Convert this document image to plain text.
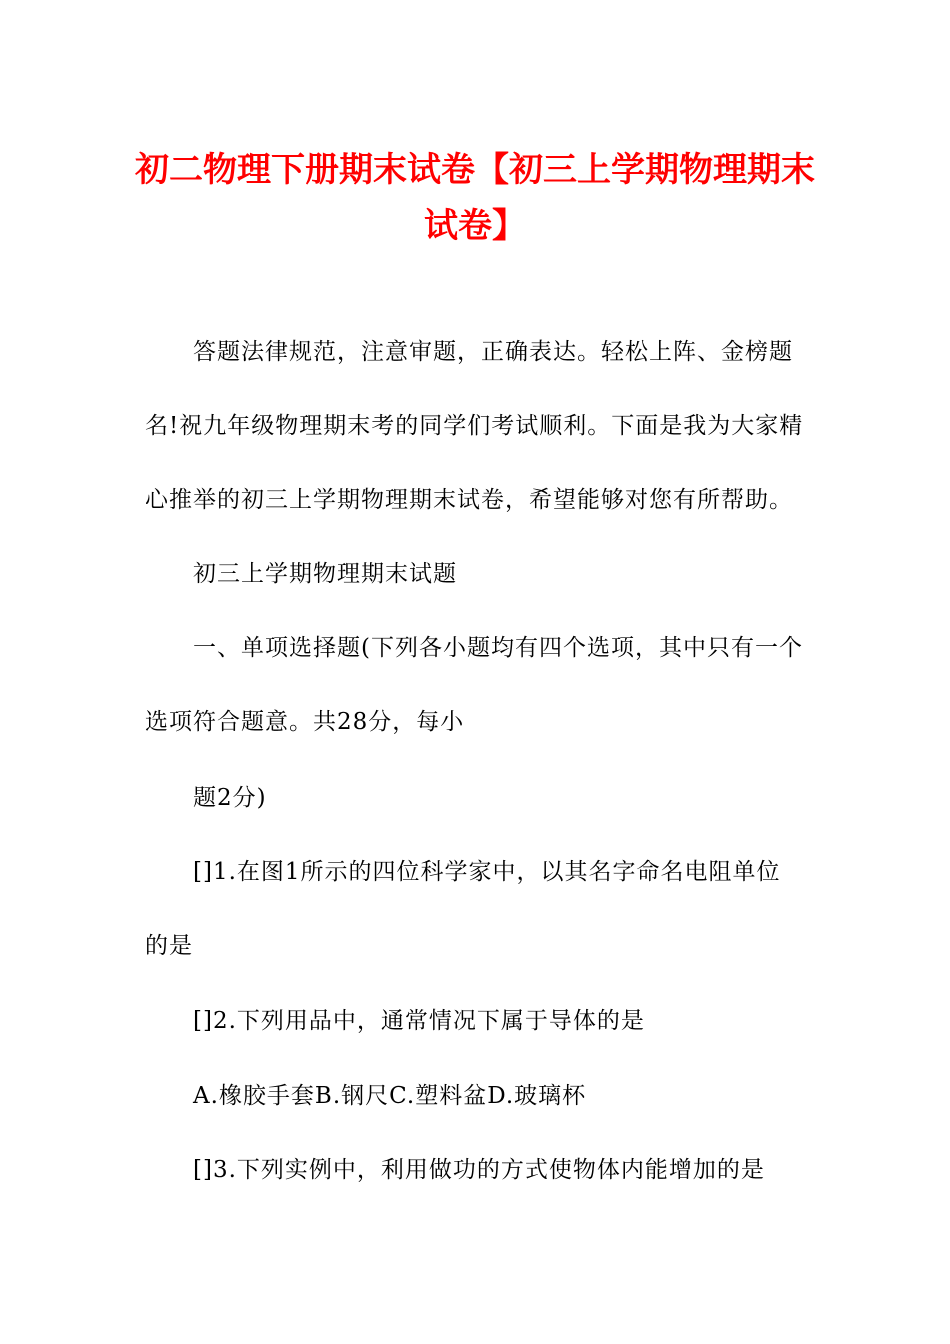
初二物理下册期末试卷【初三上学期物理期末试卷】
答题法律规范，注意审题，正确表达。轻松上阵、金榜题
名!祝九年级物理期末考的同学们考试顺利。下面是我为大家精
心推举的初三上学期物理期末试卷，希望能够对您有所帮助。
初三上学期物理期末试题
一、单项选择题(下列各小题均有四个选项，其中只有一个
选项符合题意。共28分，每小
题2分)
[]1.在图1所示的四位科学家中，以其名字命名电阻单位
的是
[]2.下列用品中，通常情况下属于导体的是
A.橡胶手套B.钢尺C.塑料盆D.玻璃杯
[]3.下列实例中，利用做功的方式使物体内能增加的是
